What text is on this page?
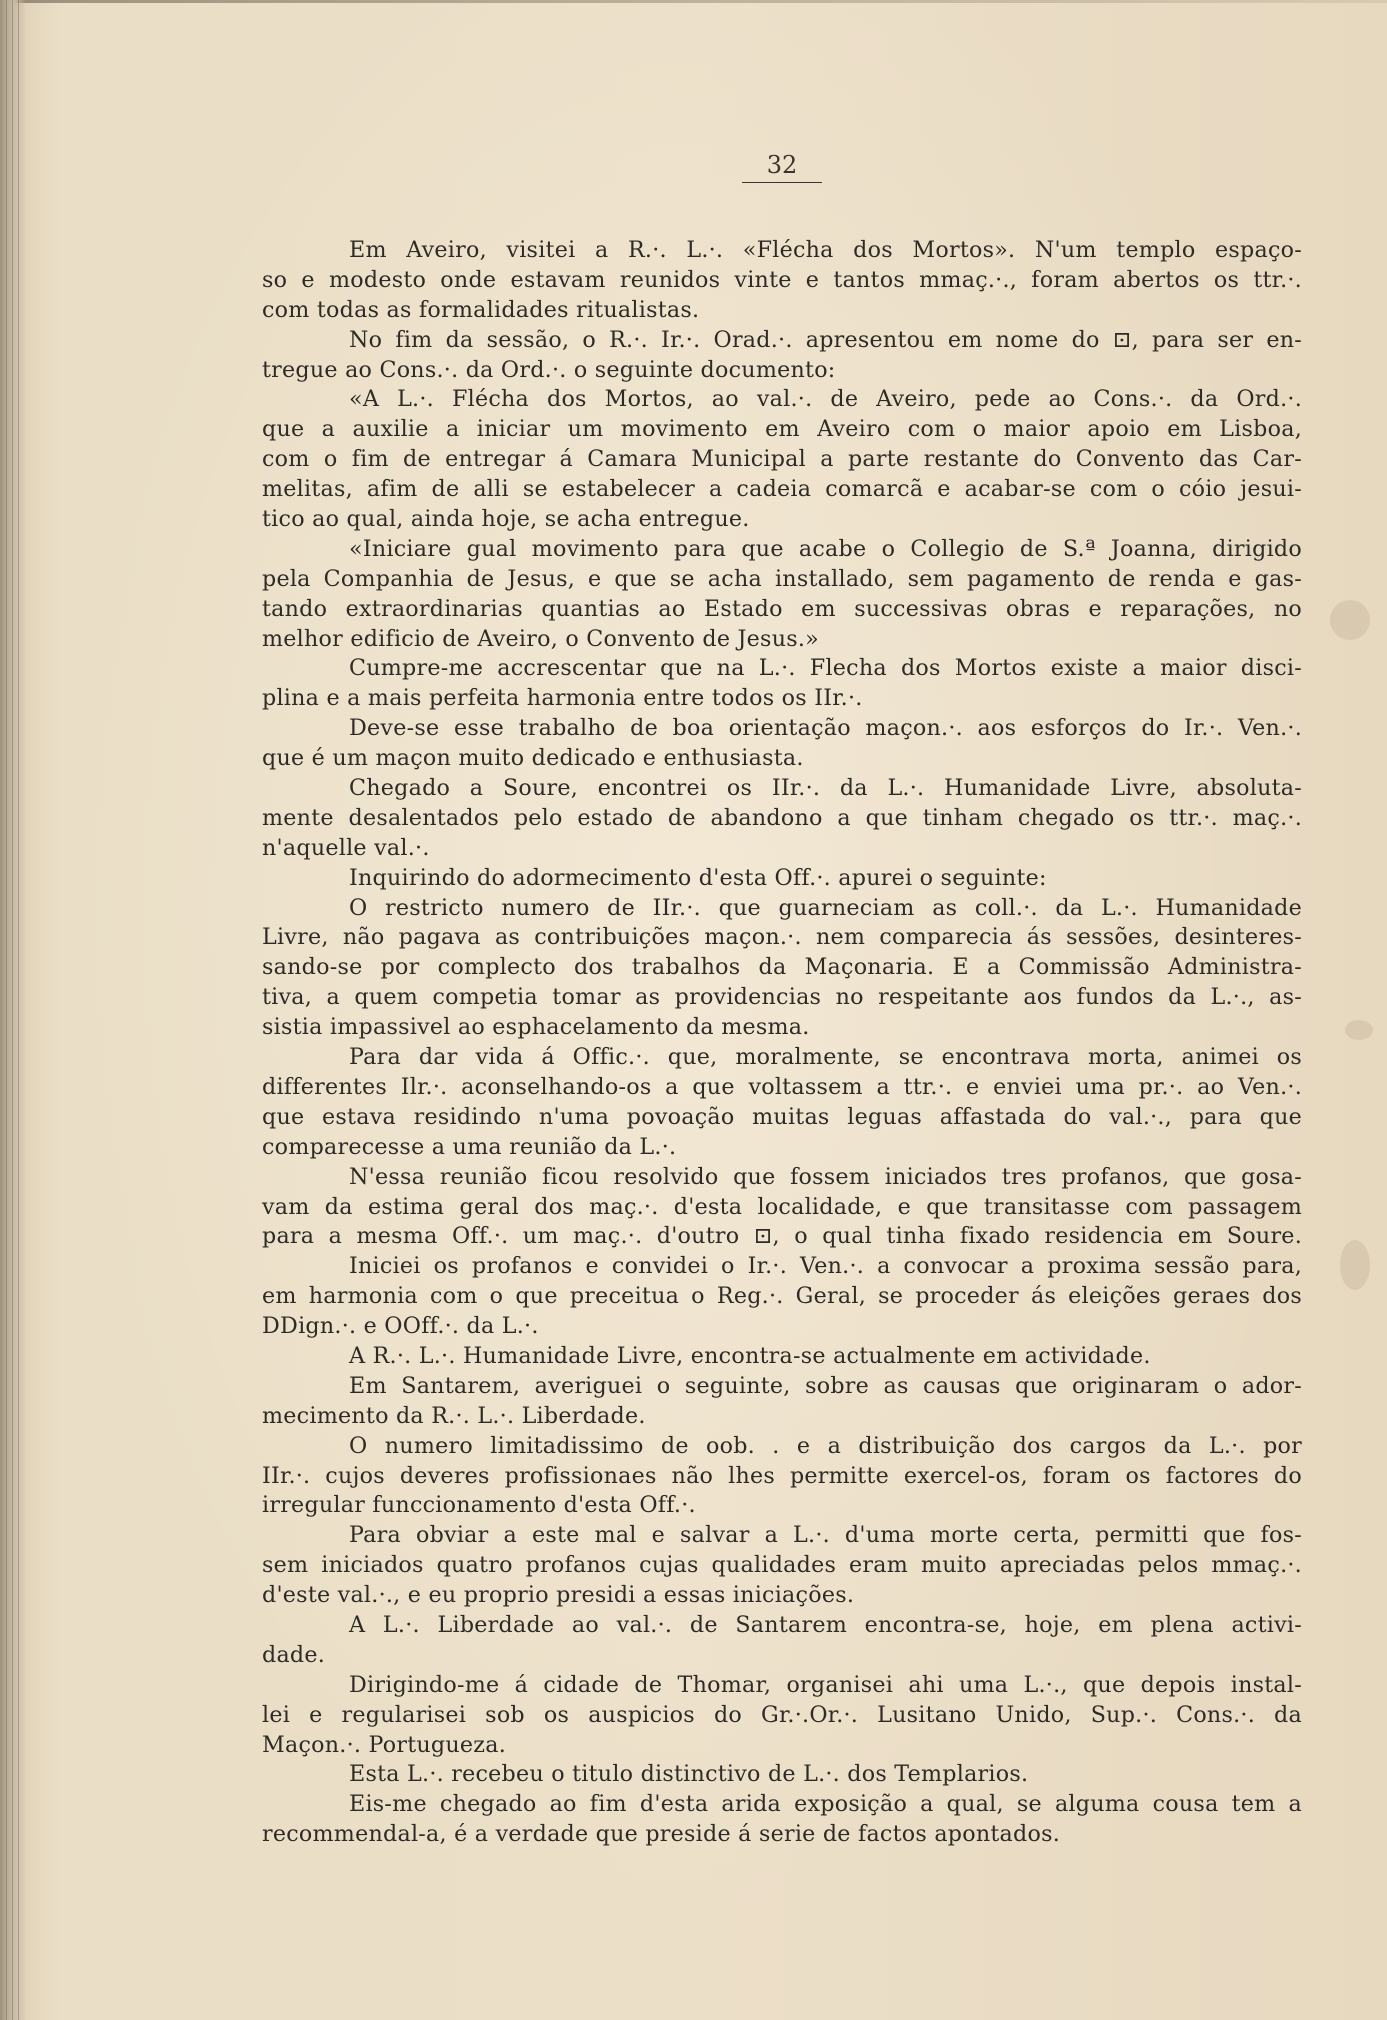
32
Em Aveiro, visitei a R.·. L.·. «Flécha dos Mortos». N'um templo espaço-
so e modesto onde estavam reunidos vinte e tantos mmaç.·., foram abertos os ttr.·.
com todas as formalidades ritualistas.
No fim da sessão, o R.·. Ir.·. Orad.·. apresentou em nome do ⊡, para ser en-
tregue ao Cons.·. da Ord.·. o seguinte documento:
«A L.·. Flécha dos Mortos, ao val.·. de Aveiro, pede ao Cons.·. da Ord.·.
que a auxilie a iniciar um movimento em Aveiro com o maior apoio em Lisboa,
com o fim de entregar á Camara Municipal a parte restante do Convento das Car-
melitas, afim de alli se estabelecer a cadeia comarcã e acabar-se com o cóio jesui-
tico ao qual, ainda hoje, se acha entregue.
«Iniciare gual movimento para que acabe o Collegio de S.ª Joanna, dirigido
pela Companhia de Jesus, e que se acha installado, sem pagamento de renda e gas-
tando extraordinarias quantias ao Estado em successivas obras e reparações, no
melhor edificio de Aveiro, o Convento de Jesus.»
Cumpre-me accrescentar que na L.·. Flecha dos Mortos existe a maior disci-
plina e a mais perfeita harmonia entre todos os IIr.·.
Deve-se esse trabalho de boa orientação maçon.·. aos esforços do Ir.·. Ven.·.
que é um maçon muito dedicado e enthusiasta.
Chegado a Soure, encontrei os IIr.·. da L.·. Humanidade Livre, absoluta-
mente desalentados pelo estado de abandono a que tinham chegado os ttr.·. maç.·.
n'aquelle val.·.
Inquirindo do adormecimento d'esta Off.·. apurei o seguinte:
O restricto numero de IIr.·. que guarneciam as coll.·. da L.·. Humanidade
Livre, não pagava as contribuições maçon.·. nem comparecia ás sessões, desinteres-
sando-se por complecto dos trabalhos da Maçonaria. E a Commissão Administra-
tiva, a quem competia tomar as providencias no respeitante aos fundos da L.·., as-
sistia impassivel ao esphacelamento da mesma.
Para dar vida á Offic.·. que, moralmente, se encontrava morta, animei os
differentes Ilr.·. aconselhando-os a que voltassem a ttr.·. e enviei uma pr.·. ao Ven.·.
que estava residindo n'uma povoação muitas leguas affastada do val.·., para que
comparecesse a uma reunião da L.·.
N'essa reunião ficou resolvido que fossem iniciados tres profanos, que gosa-
vam da estima geral dos maç.·. d'esta localidade, e que transitasse com passagem
para a mesma Off.·. um maç.·. d'outro ⊡, o qual tinha fixado residencia em Soure.
Iniciei os profanos e convidei o Ir.·. Ven.·. a convocar a proxima sessão para,
em harmonia com o que preceitua o Reg.·. Geral, se proceder ás eleições geraes dos
DDign.·. e OOff.·. da L.·.
A R.·. L.·. Humanidade Livre, encontra-se actualmente em actividade.
Em Santarem, averiguei o seguinte, sobre as causas que originaram o ador-
mecimento da R.·. L.·. Liberdade.
O numero limitadissimo de oob. . e a distribuição dos cargos da L.·. por
IIr.·. cujos deveres profissionaes não lhes permitte exercel-os, foram os factores do
irregular funccionamento d'esta Off.·.
Para obviar a este mal e salvar a L.·. d'uma morte certa, permitti que fos-
sem iniciados quatro profanos cujas qualidades eram muito apreciadas pelos mmaç.·.
d'este val.·., e eu proprio presidi a essas iniciações.
A L.·. Liberdade ao val.·. de Santarem encontra-se, hoje, em plena activi-
dade.
Dirigindo-me á cidade de Thomar, organisei ahi uma L.·., que depois instal-
lei e regularisei sob os auspicios do Gr.·.Or.·. Lusitano Unido, Sup.·. Cons.·. da
Maçon.·. Portugueza.
Esta L.·. recebeu o titulo distinctivo de L.·. dos Templarios.
Eis-me chegado ao fim d'esta arida exposição a qual, se alguma cousa tem a
recommendal-a, é a verdade que preside á serie de factos apontados.
